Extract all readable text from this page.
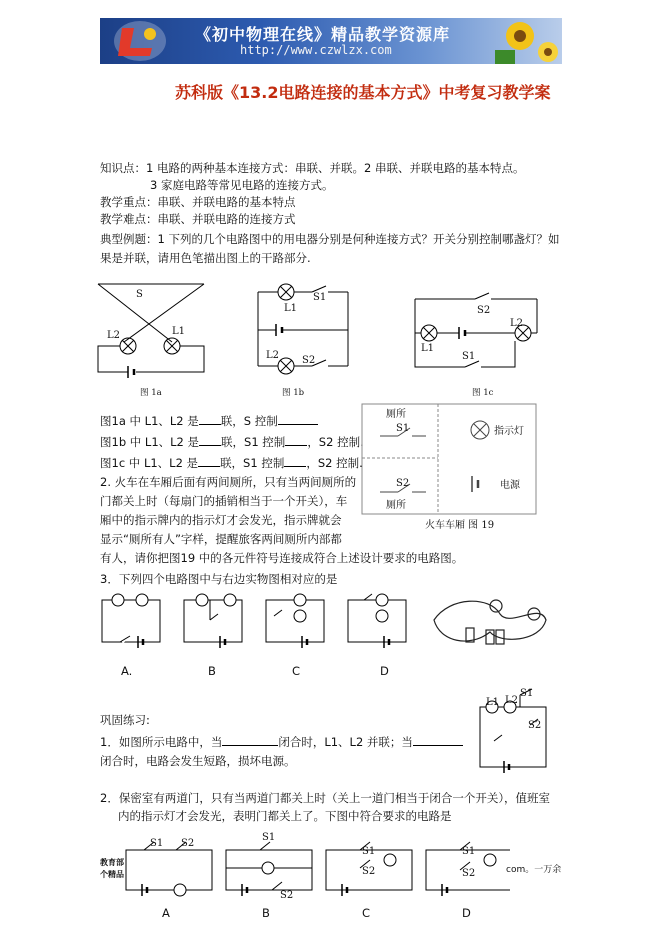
《初中物理在线》精品教学资源库
http://www.czwlzx.com
苏科版《13.2电路连接的基本方式》中考复习教学案
知识点：1 电路的两种基本连接方式：串联、并联。2 串联、并联电路的基本特点。
3 家庭电路等常见电路的连接方式。
教学重点：串联、并联电路的基本特点
教学难点：串联、并联电路的连接方式
典型例题：1 下列的几个电路图中的用电器分别是何种连接方式？开关分别控制哪盏灯？如
果是并联，请用色笔描出图上的干路部分.
S
L2	L1
图 1a
S1
L1
L2 S2
图 1b
S2
L2
L1
S1
图 1c
图1a 中 L1、L2 是 联，S 控制
图1b 中 L1、L2 是 联，S1 控制 ，S2 控制.
图1c 中 L1、L2 是 联，S1 控制 ，S2 控制.
2. 火车在车厢后面有两间厕所，只有当两间厕所的
门都关上时（每扇门的插销相当于一个开关），车
厢中的指示牌内的指示灯才会发光，指示牌就会
显示“厕所有人”字样，提醒旅客两间厕所内部都
有人，请你把图19 中的各元件符号连接成符合上述设计要求的电路图。
厕所
S1	指示灯
S2	电源
厕所
火车车厢 图 19
3．下列四个电路图中与右边实物图相对应的是
A.	B	C	D
巩固练习:
1．如图所示电路中，当	闭合时，L1、L2 并联；当
闭合时，电路会发生短路，损坏电源。
L1 L2
S1
S2
2．保密室有两道门，只有当两道门都关上时（关上一道门相当于闭合一个开关），值班室
内的指示灯才会发光，表明门都关上了。下图中符合要求的电路是
S1 S2
S1
S2
S1
S2
S1
S2
A	B	C	D
教育部
个精品	com。一万余
